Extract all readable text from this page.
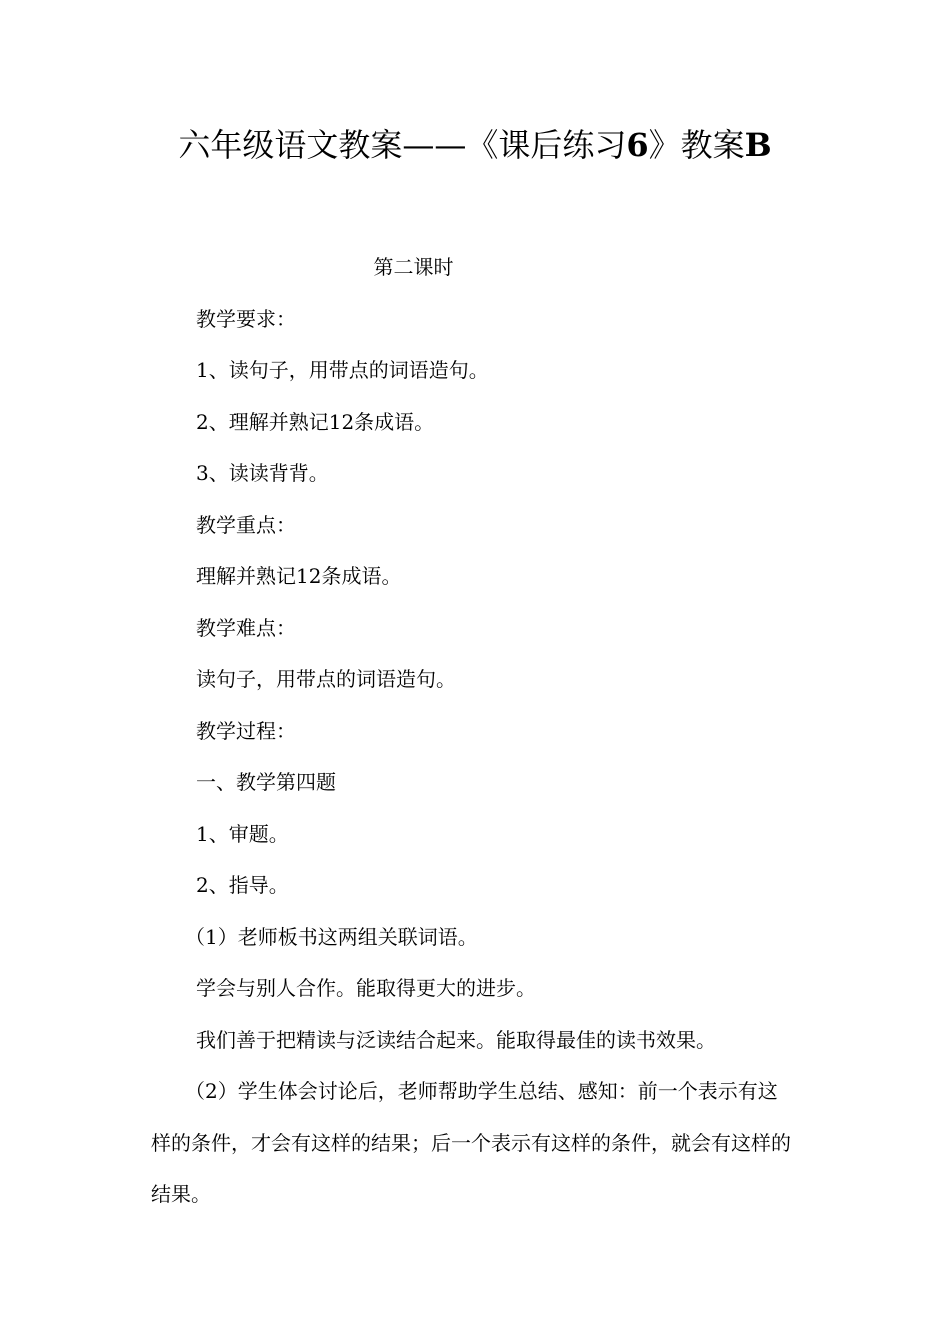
六年级语文教案——《课后练习6》教案B
第二课时
教学要求：
1、读句子，用带点的词语造句。
2、理解并熟记12条成语。
3、读读背背。
教学重点：
理解并熟记12条成语。
教学难点：
读句子，用带点的词语造句。
教学过程：
一、教学第四题
1、审题。
2、指导。
（1）老师板书这两组关联词语。
学会与别人合作。能取得更大的进步。
我们善于把精读与泛读结合起来。能取得最佳的读书效果。

（2）学生体会讨论后，老师帮助学生总结、感知：前一个表示有这样的条件，才会有这样的结果；后一个表示有这样的条件，就会有这样的结果。
